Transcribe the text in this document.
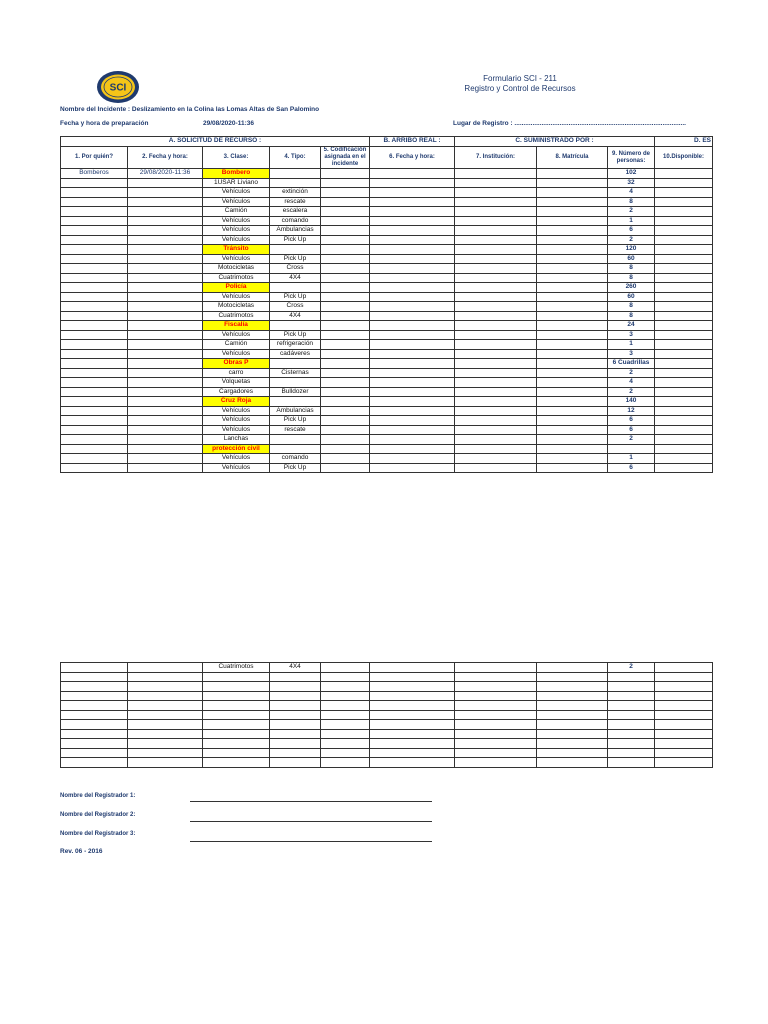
SCI
Formulario SCI - 211
Registro y Control de Recursos
Nombre del Incidente : Deslizamiento en la Colina las Lomas Altas de San Palomino
Fecha y hora de preparación	29/08/2020-11:36	Lugar de Registro : ...............................................................................................
A. SOLICITUD DE RECURSO :					B. ARRIBO REAL :	C. SUMINISTRADO POR :			D. ES
1. Por quién?	2. Fecha y hora:	3. Clase:	4. Tipo:	5. Codificación asignada en el incidente	6. Fecha y hora:	7. Institución:	8. Matrícula	9. Número de personas:	10.Disponible:
Bomberos	29/08/2020-11:36	Bombero						102	
		1USAR Liviano						32	
		Vehículos	extinción					4	
		Vehículos	rescate					8	
		Camión	escalera					2	
		Vehículos	comando					1	
		Vehículos	Ambulancias					6	
		Vehículos	Pick Up					2	
		Tránsito						120	
		Vehículos	Pick Up					60	
		Motocicletas	Cross					8	
		Cuatrimotos	4X4					8	
		Policía						260	
		Vehículos	Pick Up					60	
		Motocicletas	Cross					8	
		Cuatrimotos	4X4					8	
		Fiscalía						24	
		Vehículos	Pick Up					3	
		Camión	refrigeración					1	
		Vehículos	cadáveres					3	
		Obras P						6 Cuadrillas	
		carro	Cisternas					2	
		Volquetas						4	
		Cargadores	Bulldozer					2	
		Cruz Roja						140	
		Vehículos	Ambulancias					12	
		Vehículos	Pick Up					6	
		Vehículos	rescate					6	
		Lanchas						2	
		protección civil							
		Vehículos	comando					1	
		Vehículos	Pick Up					6	
		Cuatrimotos	4X4					2	

Nombre del Registrador 1:
Nombre del Registrador 2:
Nombre del Registrador 3:
Rev. 06 - 2016
